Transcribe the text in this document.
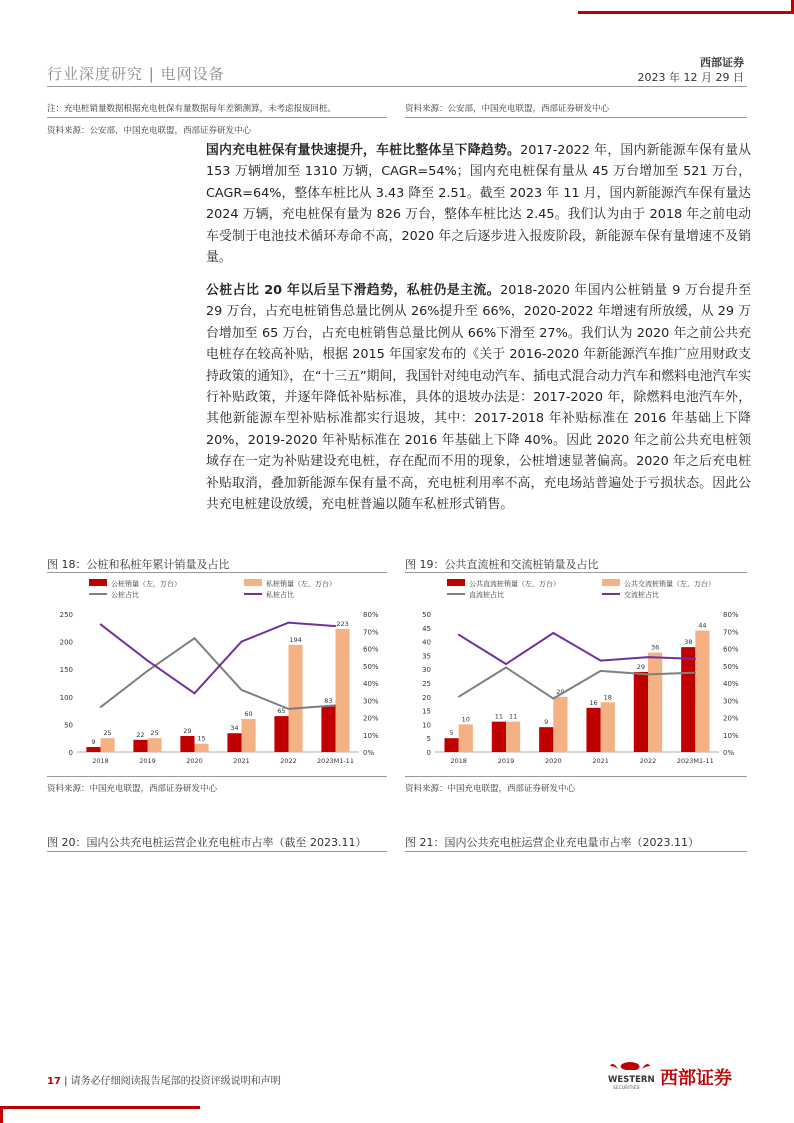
行业深度研究 | 电网设备
西部证券
2023 年 12 月 29 日
注：充电桩销量数据根据充电桩保有量数据每年差额测算，未考虑报废回桩。
资料来源：公安部，中国充电联盟，西部证券研发中心
资料来源：公安部，中国充电联盟，西部证券研发中心
国内充电桩保有量快速提升，车桩比整体呈下降趋势。2017-2022 年，国内新能源车保有量从 153 万辆增加至 1310 万辆，CAGR=54%；国内充电桩保有量从 45 万台增加至 521 万台，CAGR=64%，整体车桩比从 3.43 降至 2.51。截至 2023 年 11 月，国内新能源汽车保有量达 2024 万辆，充电桩保有量为 826 万台，整体车桩比达 2.45。我们认为由于 2018 年之前电动车受制于电池技术循环寿命不高，2020 年之后逐步进入报废阶段，新能源车保有量增速不及销量。
公桩占比 20 年以后呈下滑趋势，私桩仍是主流。2018-2020 年国内公桩销量 9 万台提升至 29 万台，占充电桩销售总量比例从 26%提升至 66%，2020-2022 年增速有所放缓，从 29 万台增加至 65 万台，占充电桩销售总量比例从 66%下滑至 27%。我们认为 2020 年之前公共充电桩存在较高补贴，根据 2015 年国家发布的《关于 2016-2020 年新能源汽车推广应用财政支持政策的通知》，在“十三五”期间，我国针对纯电动汽车、插电式混合动力汽车和燃料电池汽车实行补贴政策，并逐年降低补贴标准，具体的退坡办法是：2017-2020 年，除燃料电池汽车外，其他新能源车型补贴标准都实行退坡，其中：2017-2018 年补贴标准在 2016 年基础上下降 20%，2019-2020 年补贴标准在 2016 年基础上下降 40%。因此 2020 年之前公共充电桩领域存在一定为补贴建设充电桩，存在配而不用的现象，公桩增速显著偏高。2020 年之后充电桩补贴取消，叠加新能源车保有量不高，充电桩利用率不高，充电场站普遍处于亏损状态。因此公共充电桩建设放缓，充电桩普遍以随车私桩形式销售。
图 18：公桩和私桩年累计销量及占比	图 19：公共直流桩和交流桩销量及占比
公桩销量（左，万台）	私桩销量（左，万台）
公桩占比	私桩占比
0
50
100
150
200
250
0%
10%
20%
30%
40%
50%
60%
70%
80%
9
25
2018
22 25
2019
29
15
2020
34
60
2021
65
194
2022
83
223
2023M1-11
公共直流桩销量（左，万台）	公共交流桩销量（左，万台）
直流桩占比	交流桩占比
0
5
10
15
20
25
30
35
40
45
50
0%
10%
20%
30%
40%
50%
60%
70%
80%
5
10
2018
11 11
2019
9
20
2020
16
18
2021
29
36
2022
38
44
2023M1-11
资料来源：中国充电联盟，西部证券研发中心	资料来源：中国充电联盟，西部证券研发中心
图 20：国内公共充电桩运营企业充电桩市占率（截至 2023.11）	图 21：国内公共充电桩运营企业充电量市占率（2023.11）
17 | 请务必仔细阅读报告尾部的投资评级说明和声明	WESTERN
SECURITIES 西部证券
